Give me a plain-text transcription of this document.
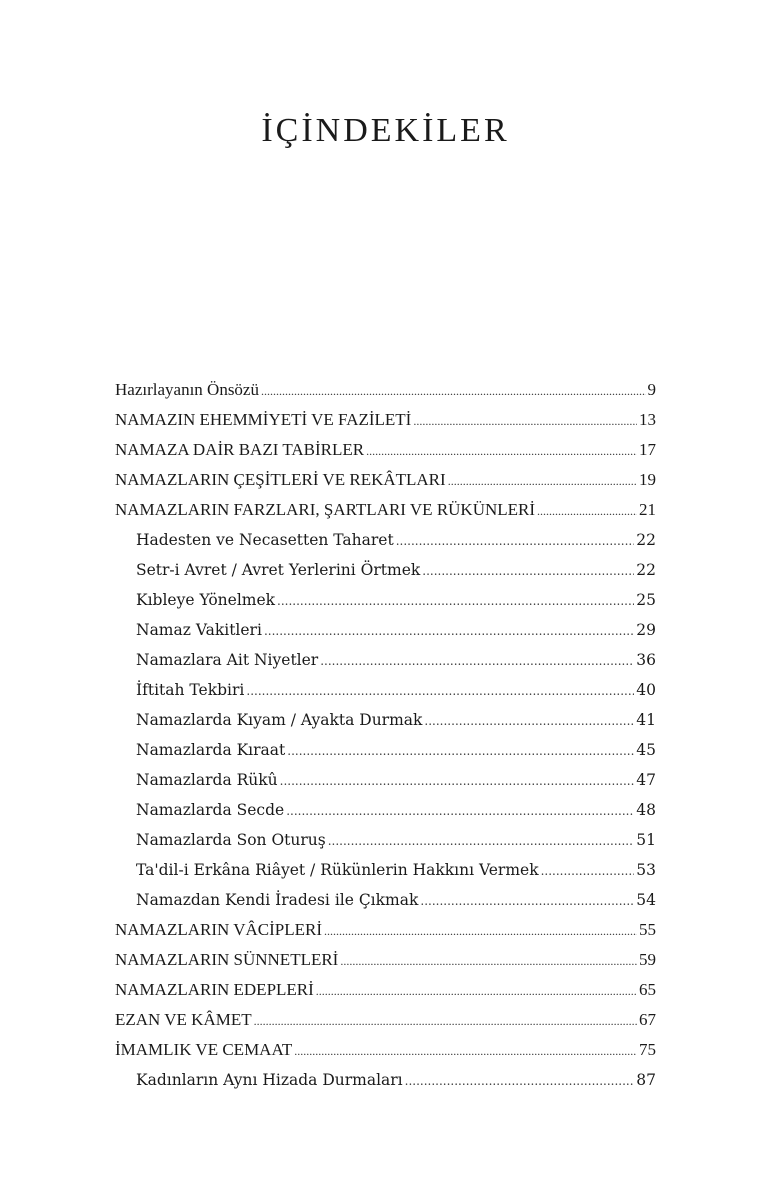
İÇİNDEKİLER
Hazırlayanın Önsözü .....	9
NAMAZIN EHEMMİYETİ VE FAZİLETİ .....	13
NAMAZA DAİR BAZI TABİRLER .....	17
NAMAZLARIN ÇEŞİTLERİ VE REKÂTLARI .....	19
NAMAZLARIN FARZLARI, ŞARTLARI VE RÜKÜNLERİ .....	21
Hadesten ve Necasetten Taharet .....	22
Setr-i Avret / Avret Yerlerini Örtmek .....	22
Kıbleye Yönelmek .....	25
Namaz Vakitleri .....	29
Namazlara Ait Niyetler .....	36
İftitah Tekbiri .....	40
Namazlarda Kıyam / Ayakta Durmak .....	41
Namazlarda Kıraat .....	45
Namazlarda Rükû .....	47
Namazlarda Secde .....	48
Namazlarda Son Oturuş .....	51
Ta'dil-i Erkâna Riâyet / Rükünlerin Hakkını Vermek .....	53
Namazdan Kendi İradesi ile Çıkmak .....	54
NAMAZLARIN VÂCİPLERİ .....	55
NAMAZLARIN SÜNNETLERİ .....	59
NAMAZLARIN EDEPLERİ .....	65
EZAN VE KÂMET .....	67
İMAMLIK VE CEMAAT .....	75
Kadınların Aynı Hizada Durmaları .....	87
